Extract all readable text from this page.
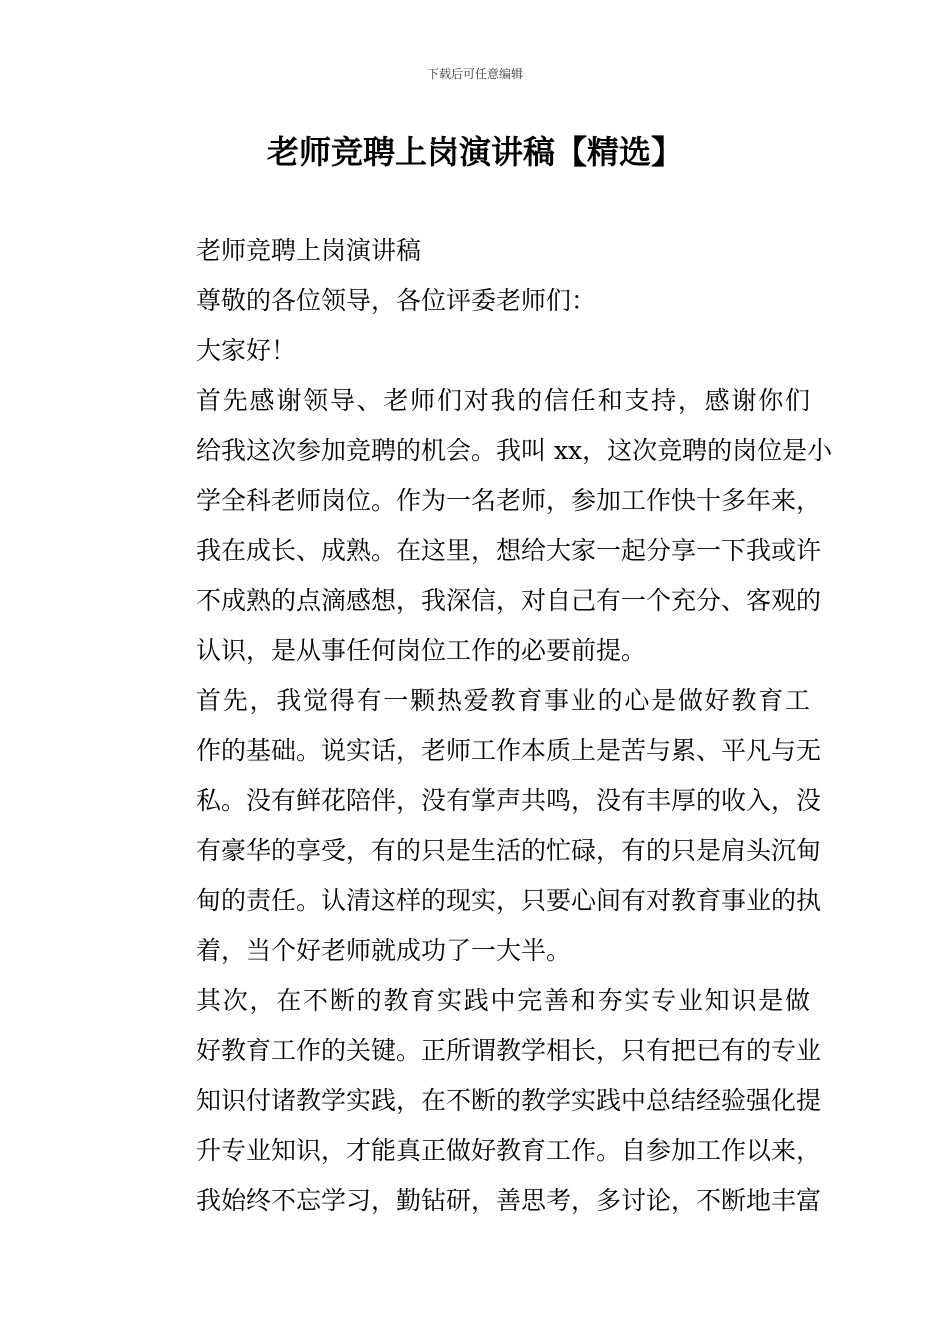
下载后可任意编辑
老师竞聘上岗演讲稿【精选】

老师竞聘上岗演讲稿

尊敬的各位领导，各位评委老师们：

大家好！

首先感谢领导、老师们对我的信任和支持，感谢你们
给我这次参加竞聘的机会。我叫 xx，这次竞聘的岗位是小
学全科老师岗位。作为一名老师，参加工作快十多年来，
我在成长、成熟。在这里，想给大家一起分享一下我或许
不成熟的点滴感想，我深信，对自己有一个充分、客观的
认识，是从事任何岗位工作的必要前提。

首先，我觉得有一颗热爱教育事业的心是做好教育工
作的基础。说实话，老师工作本质上是苦与累、平凡与无
私。没有鲜花陪伴，没有掌声共鸣，没有丰厚的收入，没
有豪华的享受，有的只是生活的忙碌，有的只是肩头沉甸
甸的责任。认清这样的现实，只要心间有对教育事业的执
着，当个好老师就成功了一大半。

其次，在不断的教育实践中完善和夯实专业知识是做
好教育工作的关键。正所谓教学相长，只有把已有的专业
知识付诸教学实践，在不断的教学实践中总结经验强化提
升专业知识，才能真正做好教育工作。自参加工作以来，
我始终不忘学习，勤钻研，善思考，多讨论，不断地丰富
